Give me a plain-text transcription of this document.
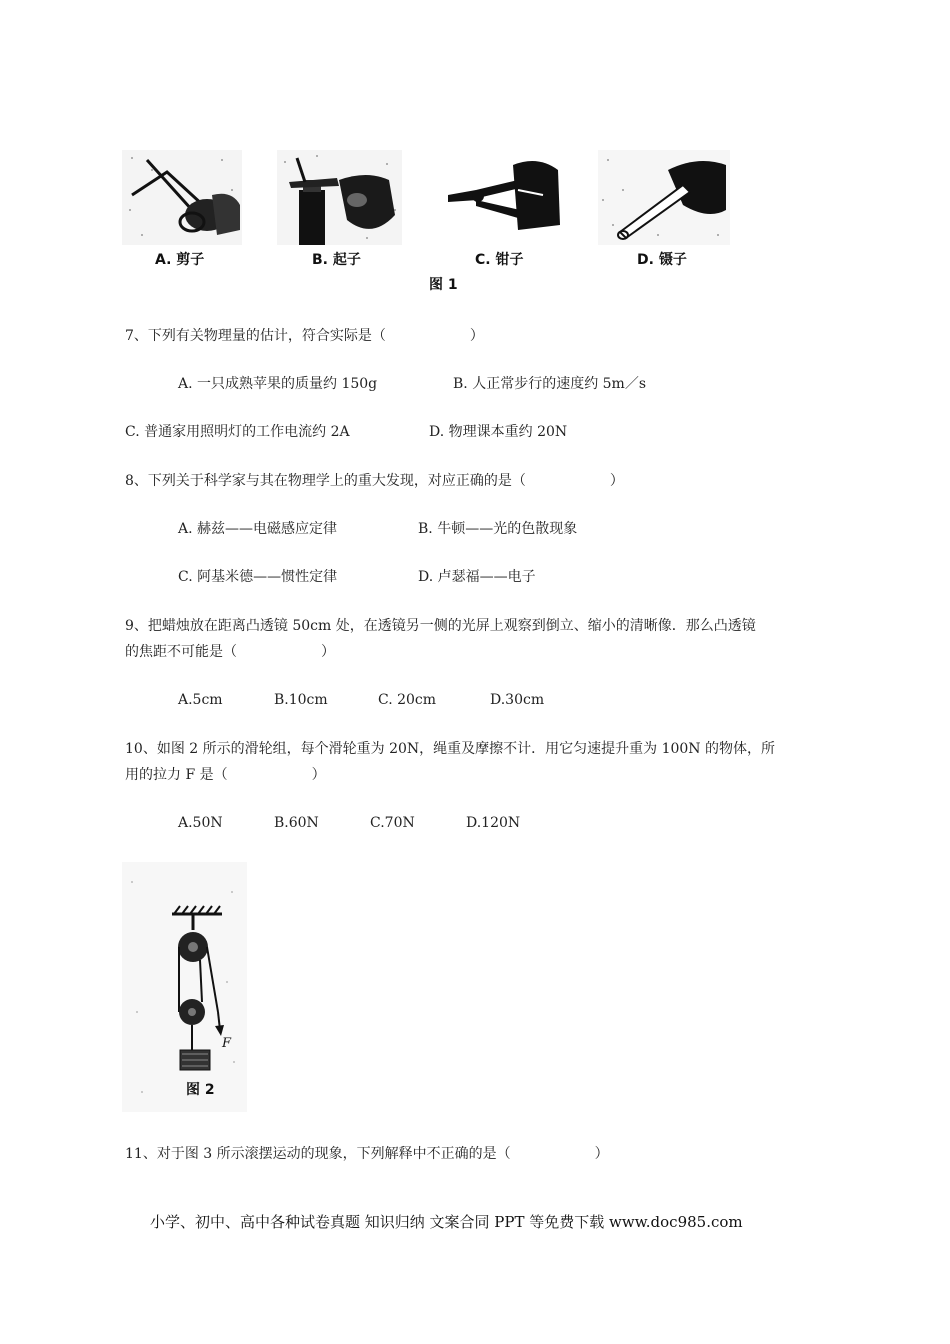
A. 剪子	B. 起子	C. 钳子	D. 镊子
图 1
7、下列有关物理量的估计，符合实际是（　　　　　　）
A. 一只成熟苹果的质量约 150g	B. 人正常步行的速度约 5m／s
C. 普通家用照明灯的工作电流约 2A	D. 物理课本重约 20N
8、下列关于科学家与其在物理学上的重大发现，对应正确的是（　　　　　　）
A. 赫兹——电磁感应定律	B. 牛顿——光的色散现象
C. 阿基米德——惯性定律	D. 卢瑟福——电子
9、把蜡烛放在距离凸透镜 50cm 处，在透镜另一侧的光屏上观察到倒立、缩小的清晰像．那么凸透镜
的焦距不可能是（　　　　　　）
A.5cm	B.10cm	C. 20cm	D.30cm
10、如图 2 所示的滑轮组，每个滑轮重为 20N，绳重及摩擦不计．用它匀速提升重为 100N 的物体，所
用的拉力 F 是（　　　　　　）
A.50N	B.60N	C.70N	D.120N
F
图 2
11、对于图 3 所示滚摆运动的现象，下列解释中不正确的是（　　　　　　）
小学、初中、高中各种试卷真题 知识归纳 文案合同 PPT 等免费下载 www.doc985.com
